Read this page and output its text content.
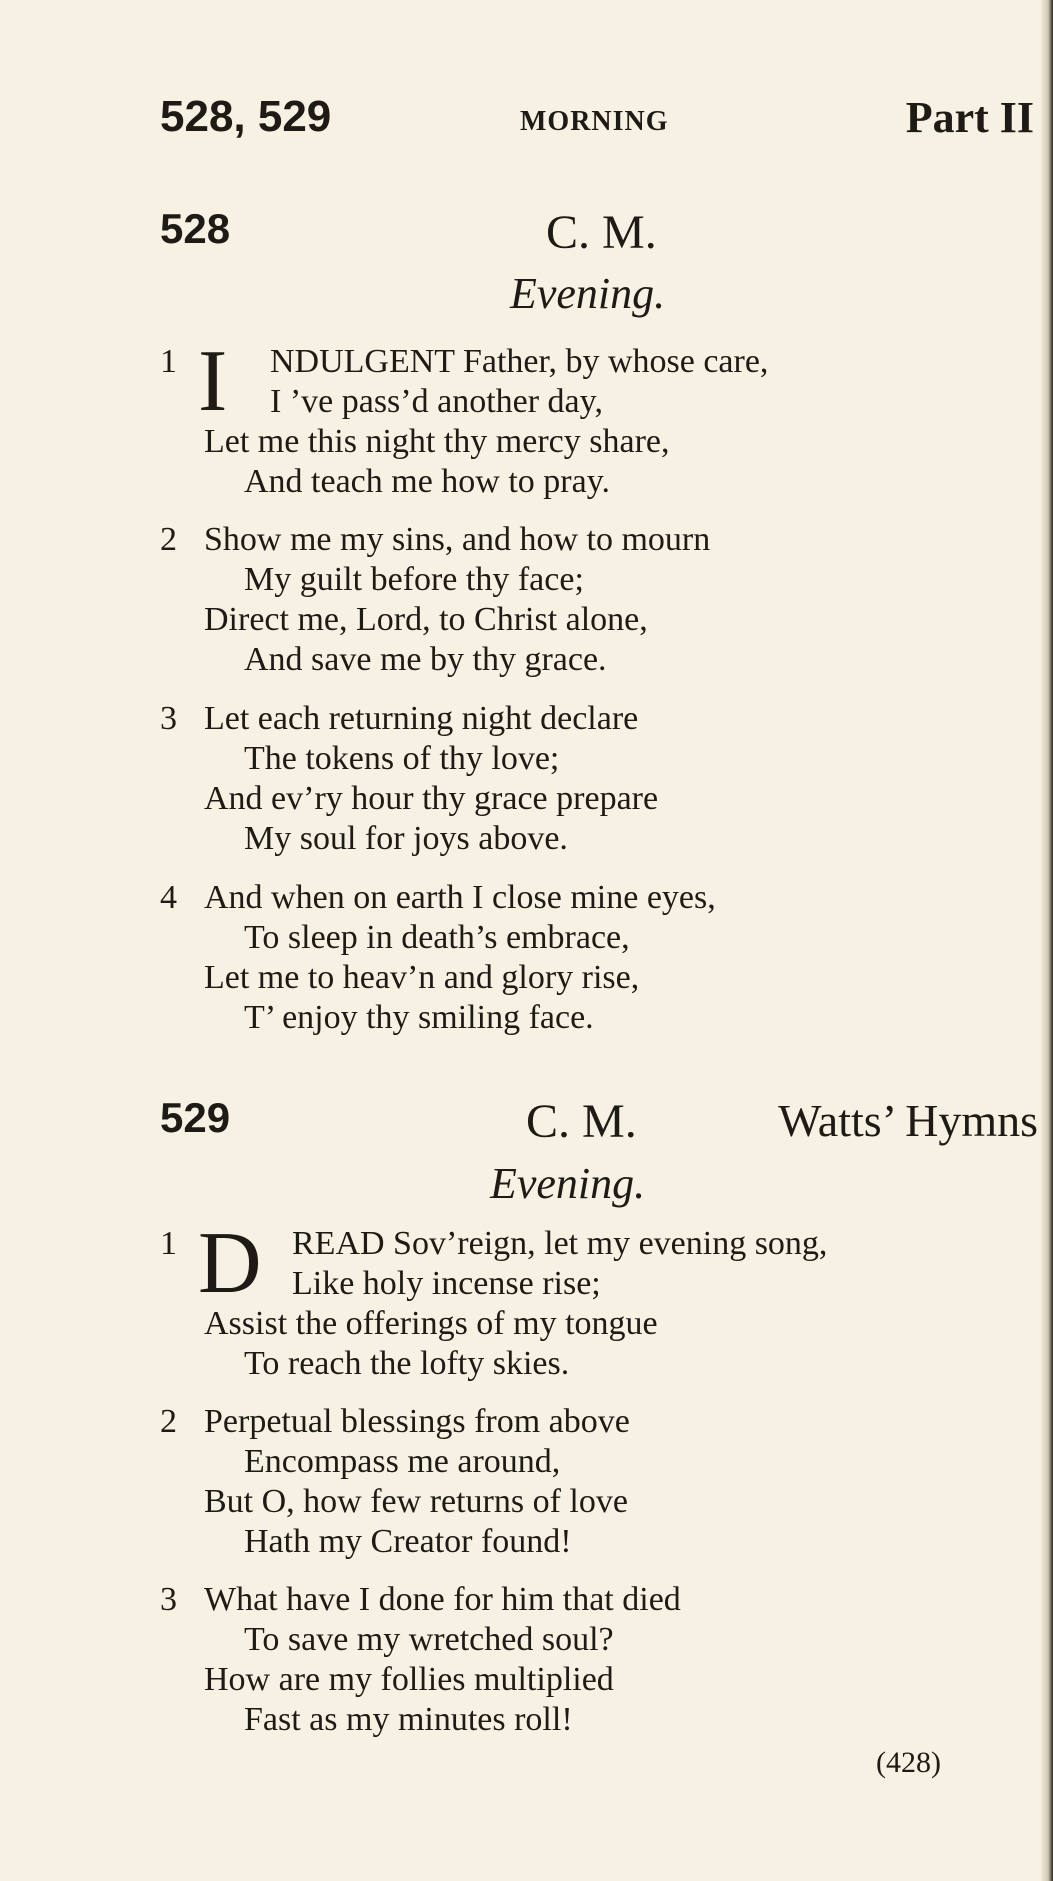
528, 529	MORNING	Part II
528	C. M.
Evening.
1 I NDULGENT Father, by whose care,
I ’ve pass’d another day,
Let me this night thy mercy share,
And teach me how to pray.
2 Show me my sins, and how to mourn
My guilt before thy face;
Direct me, Lord, to Christ alone,
And save me by thy grace.
3 Let each returning night declare
The tokens of thy love;
And ev’ry hour thy grace prepare
My soul for joys above.
4 And when on earth I close mine eyes,
To sleep in death’s embrace,
Let me to heav’n and glory rise,
T’ enjoy thy smiling face.
529	C. M.	Watts’ Hymns
Evening.
1 D READ Sov’reign, let my evening song,
Like holy incense rise;
Assist the offerings of my tongue
To reach the lofty skies.
2 Perpetual blessings from above
Encompass me around,
But O, how few returns of love
Hath my Creator found!
3 What have I done for him that died
To save my wretched soul?
How are my follies multiplied
Fast as my minutes roll!
(428)
